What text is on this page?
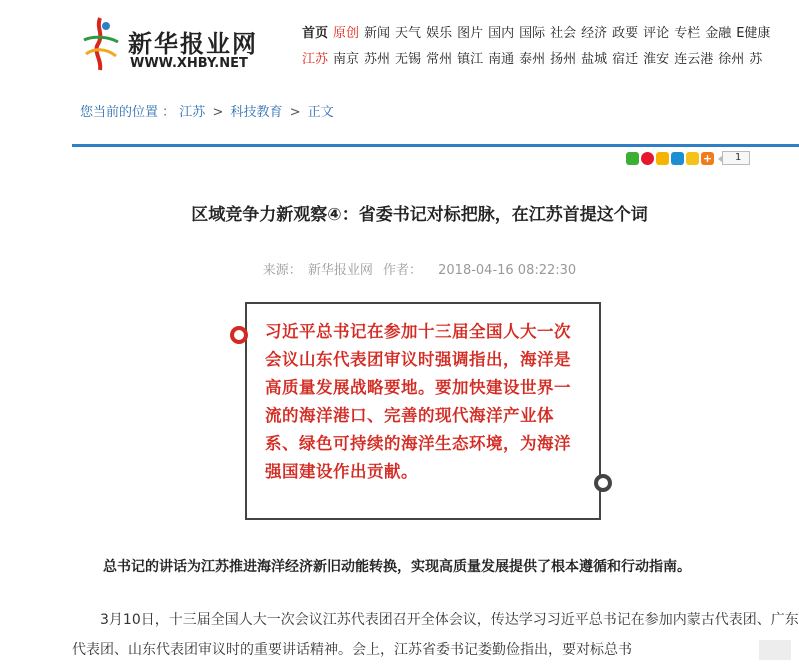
新华报业网
WWW.XHBY.NET
首页 原创 新闻 天气 娱乐 图片 国内 国际 社会 经济 政要 评论 专栏 金融 E健康
江苏 南京 苏州 无锡 常州 镇江 南通 泰州 扬州 盐城 宿迁 淮安 连云港 徐州 苏
您当前的位置 ： 江苏 > 科技教育 > 正文
+	1
区域竞争力新观察④：省委书记对标把脉，在江苏首提这个词
来源： 新华报业网 作者： 2018-04-16 08:22:30
习近平总书记在参加十三届全国人大一次会议山东代表团审议时强调指出，海洋是高质量发展战略要地。要加快建设世界一流的海洋港口、完善的现代海洋产业体系、绿色可持续的海洋生态环境，为海洋强国建设作出贡献。

总书记的讲话为江苏推进海洋经济新旧动能转换，实现高质量发展提供了根本遵循和行动指南。

3月10日，十三届全国人大一次会议江苏代表团召开全体会议，传达学习习近平总书记在参加内蒙古代表团、广东代表团、山东代表团审议时的重要讲话精神。会上，江苏省委书记娄勤俭指出，要对标总书
